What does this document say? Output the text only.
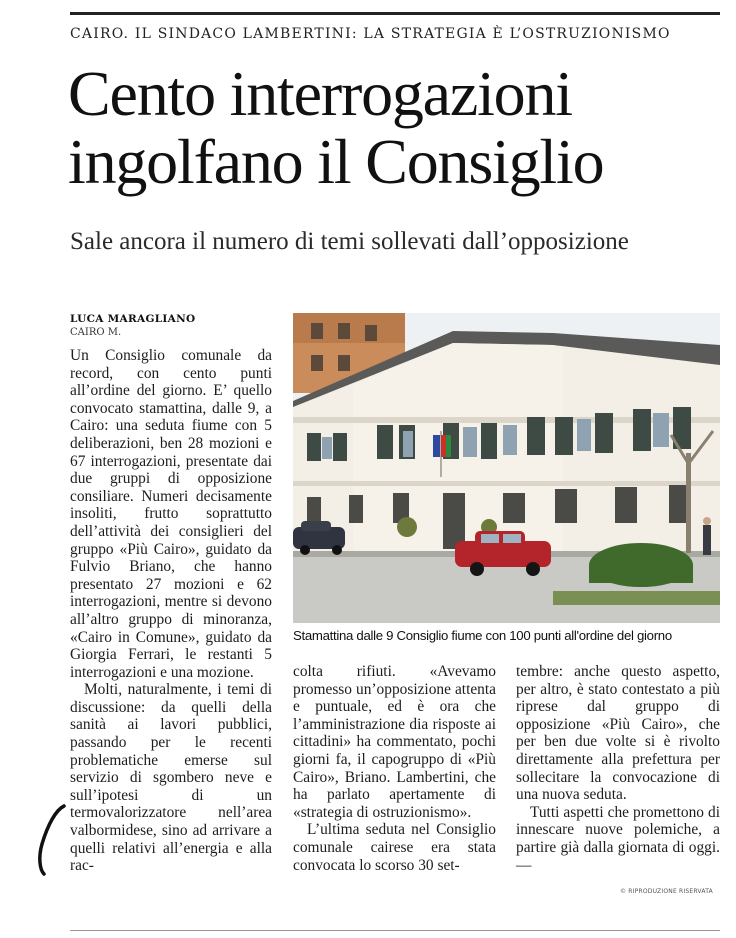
CAIRO. IL SINDACO LAMBERTINI: LA STRATEGIA È L’OSTRUZIONISMO
Cento interrogazioni
ingolfano il Consiglio
Sale ancora il numero di temi sollevati dall’opposizione
LUCA MARAGLIANO
CAIRO M.

Un Consiglio comunale da record, con cento punti all’ordine del giorno. E’ quello convocato stamattina, dalle 9, a Cairo: una seduta fiume con 5 deliberazioni, ben 28 mozioni e 67 interrogazioni, presentate dai due gruppi di opposizione consiliare. Numeri decisamente insoliti, frutto soprattutto dell’attività dei consiglieri del gruppo «Più Cairo», guidato da Fulvio Briano, che hanno presentato 27 mozioni e 62 interrogazioni, mentre si devono all’altro gruppo di minoranza, «Cairo in Comune», guidato da Giorgia Ferrari, le restanti 5 interrogazioni e una mozione.

Molti, naturalmente, i temi di discussione: da quelli della sanità ai lavori pubblici, passando per le recenti problematiche emerse sul servizio di sgombero neve e sull’ipotesi di un termovalorizzatore nell’area valbormidese, sino ad arrivare a quelli relativi all’energia e alla rac-

Stamattina dalle 9 Consiglio fiume con 100 punti all'ordine del giorno

colta rifiuti. «Avevamo promesso un’opposizione attenta e puntuale, ed è ora che l’amministrazione dia risposte ai cittadini» ha commentato, pochi giorni fa, il capogruppo di «Più Cairo», Briano. Lambertini, che ha parlato apertamente di «strategia di ostruzionismo».

L’ultima seduta nel Consiglio comunale cairese era stata convocata lo scorso 30 set-

tembre: anche questo aspetto, per altro, è stato contestato a più riprese dal gruppo di opposizione «Più Cairo», che per ben due volte si è rivolto direttamente alla prefettura per sollecitare la convocazione di una nuova seduta.

Tutti aspetti che promettono di innescare nuove polemiche, a partire già dalla giornata di oggi. —

© RIPRODUZIONE RISERVATA
